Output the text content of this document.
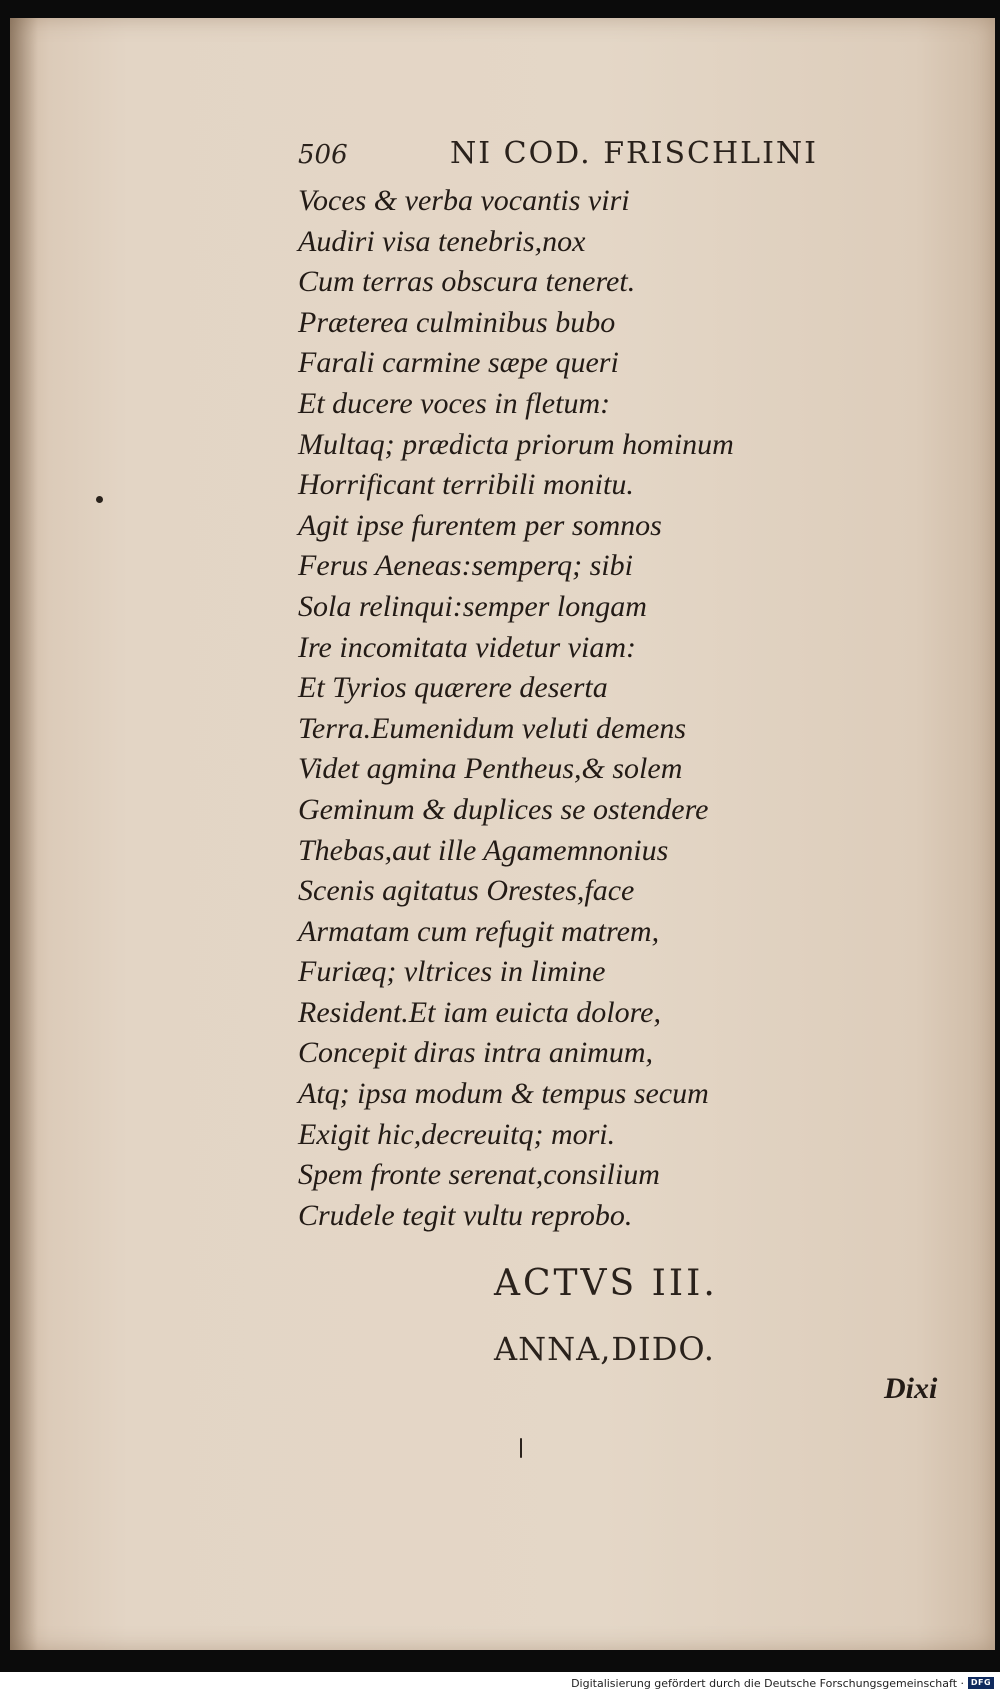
506	NI COD. FRISCHLINI
Voces & verba vocantis viri
Audiri visa tenebris,nox
Cum terras obscura teneret.
Præterea culminibus bubo
Farali carmine sæpe queri
Et ducere voces in fletum:
Multaq; prædicta priorum hominum
Horrificant terribili monitu.
Agit ipse furentem per somnos
Ferus Aeneas:semperq; sibi
Sola relinqui:semper longam
Ire incomitata videtur viam:
Et Tyrios quærere deserta
Terra.Eumenidum veluti demens
Videt agmina Pentheus,& solem
Geminum & duplices se ostendere
Thebas,aut ille Agamemnonius
Scenis agitatus Orestes,face
Armatam cum refugit matrem,
Furiæq; vltrices in limine
Resident.Et iam euicta dolore,
Concepit diras intra animum,
Atq; ipsa modum & tempus secum
Exigit hic,decreuitq; mori.
Spem fronte serenat,consilium
Crudele tegit vultu reprobo.
ACTVS III.
ANNA,DIDO.
Dixi
Digitalisierung gefördert durch die Deutsche Forschungsgemeinschaft · DFG
